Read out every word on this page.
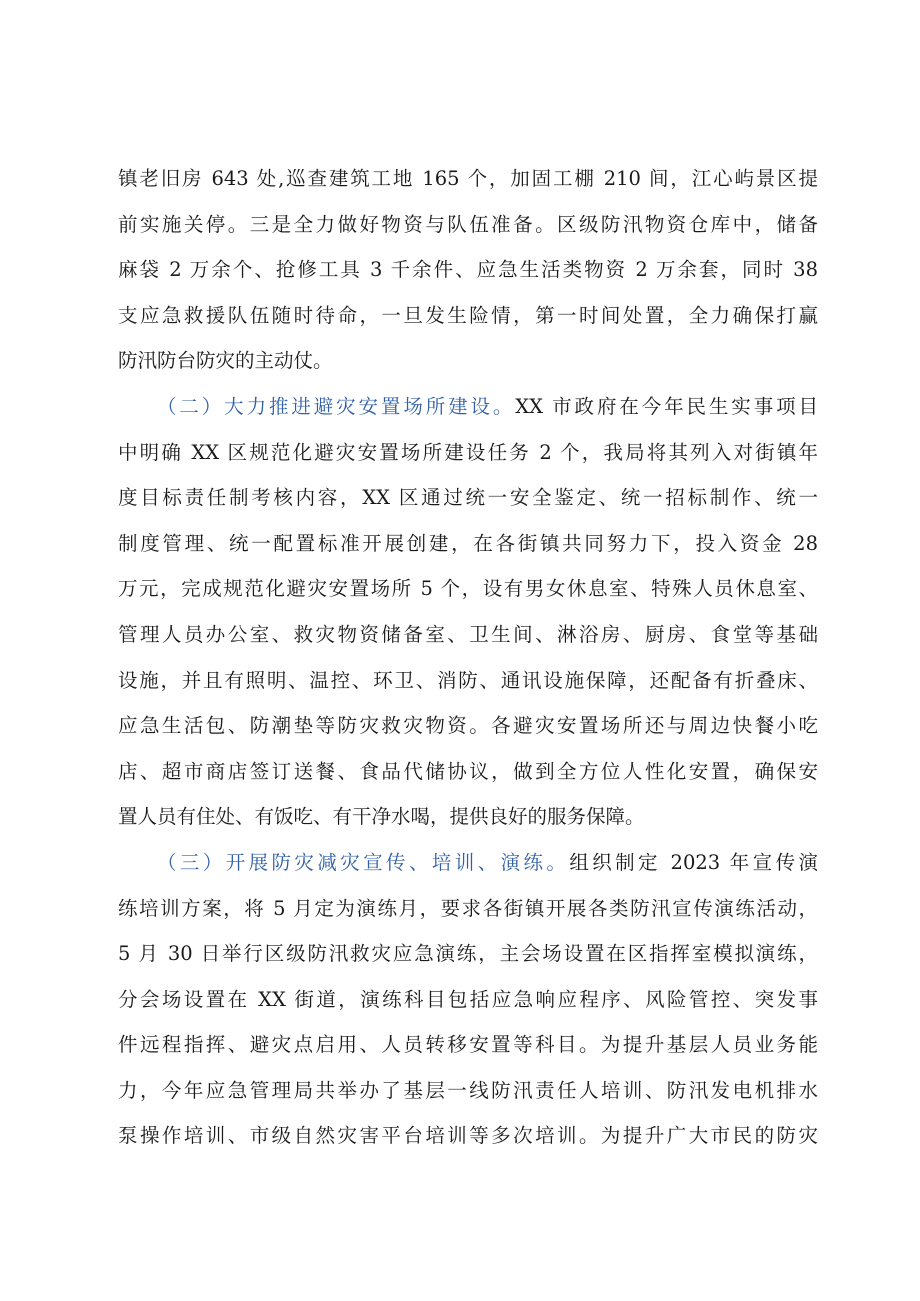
镇老旧房 643 处,巡查建筑工地 165 个，加固工棚 210 间，江心屿景区提
前实施关停。三是全力做好物资与队伍准备。区级防汛物资仓库中，储备
麻袋 2 万余个、抢修工具 3 千余件、应急生活类物资 2 万余套，同时 38
支应急救援队伍随时待命，一旦发生险情，第一时间处置，全力确保打赢
防汛防台防灾的主动仗。
（二）大力推进避灾安置场所建设。XX 市政府在今年民生实事项目
中明确 XX 区规范化避灾安置场所建设任务 2 个，我局将其列入对街镇年
度目标责任制考核内容，XX 区通过统一安全鉴定、统一招标制作、统一
制度管理、统一配置标准开展创建，在各街镇共同努力下，投入资金 28
万元，完成规范化避灾安置场所 5 个，设有男女休息室、特殊人员休息室、
管理人员办公室、救灾物资储备室、卫生间、淋浴房、厨房、食堂等基础
设施，并且有照明、温控、环卫、消防、通讯设施保障，还配备有折叠床、
应急生活包、防潮垫等防灾救灾物资。各避灾安置场所还与周边快餐小吃
店、超市商店签订送餐、食品代储协议，做到全方位人性化安置，确保安
置人员有住处、有饭吃、有干净水喝，提供良好的服务保障。
（三）开展防灾减灾宣传、培训、演练。组织制定 2023 年宣传演
练培训方案，将 5 月定为演练月，要求各街镇开展各类防汛宣传演练活动，
5 月 30 日举行区级防汛救灾应急演练，主会场设置在区指挥室模拟演练，
分会场设置在 XX 街道，演练科目包括应急响应程序、风险管控、突发事
件远程指挥、避灾点启用、人员转移安置等科目。为提升基层人员业务能
力，今年应急管理局共举办了基层一线防汛责任人培训、防汛发电机排水
泵操作培训、市级自然灾害平台培训等多次培训。为提升广大市民的防灾
